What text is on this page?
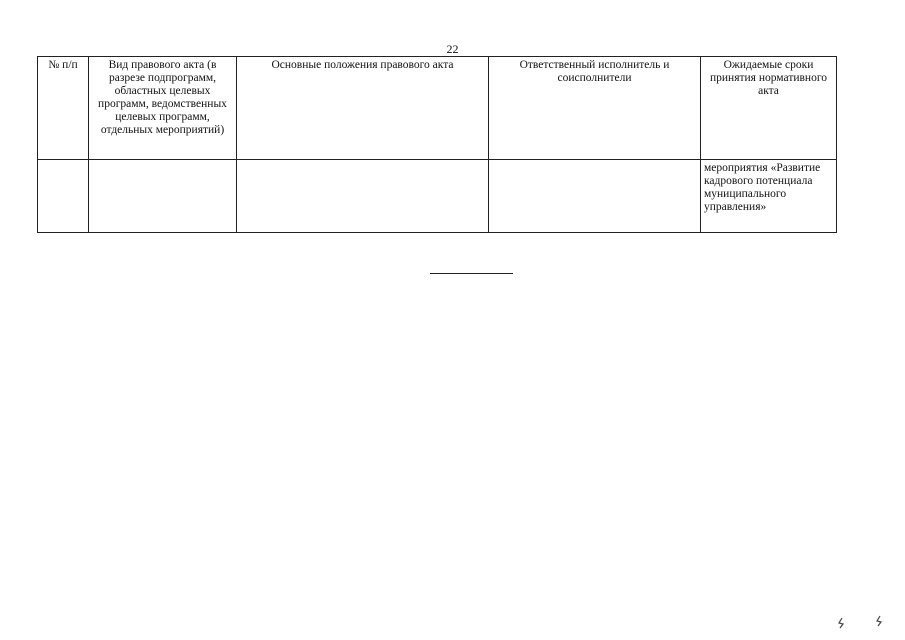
22
№ п/п	Вид правового акта (в разрезе подпрограмм, областных целевых программ, ведомственных целевых программ, отдельных мероприятий)	Основные положения правового акта	Ответственный исполнитель и соисполнители	Ожидаемые сроки принятия нормативного акта
				мероприятия «Развитие кадрового потенциала муниципального управления»
